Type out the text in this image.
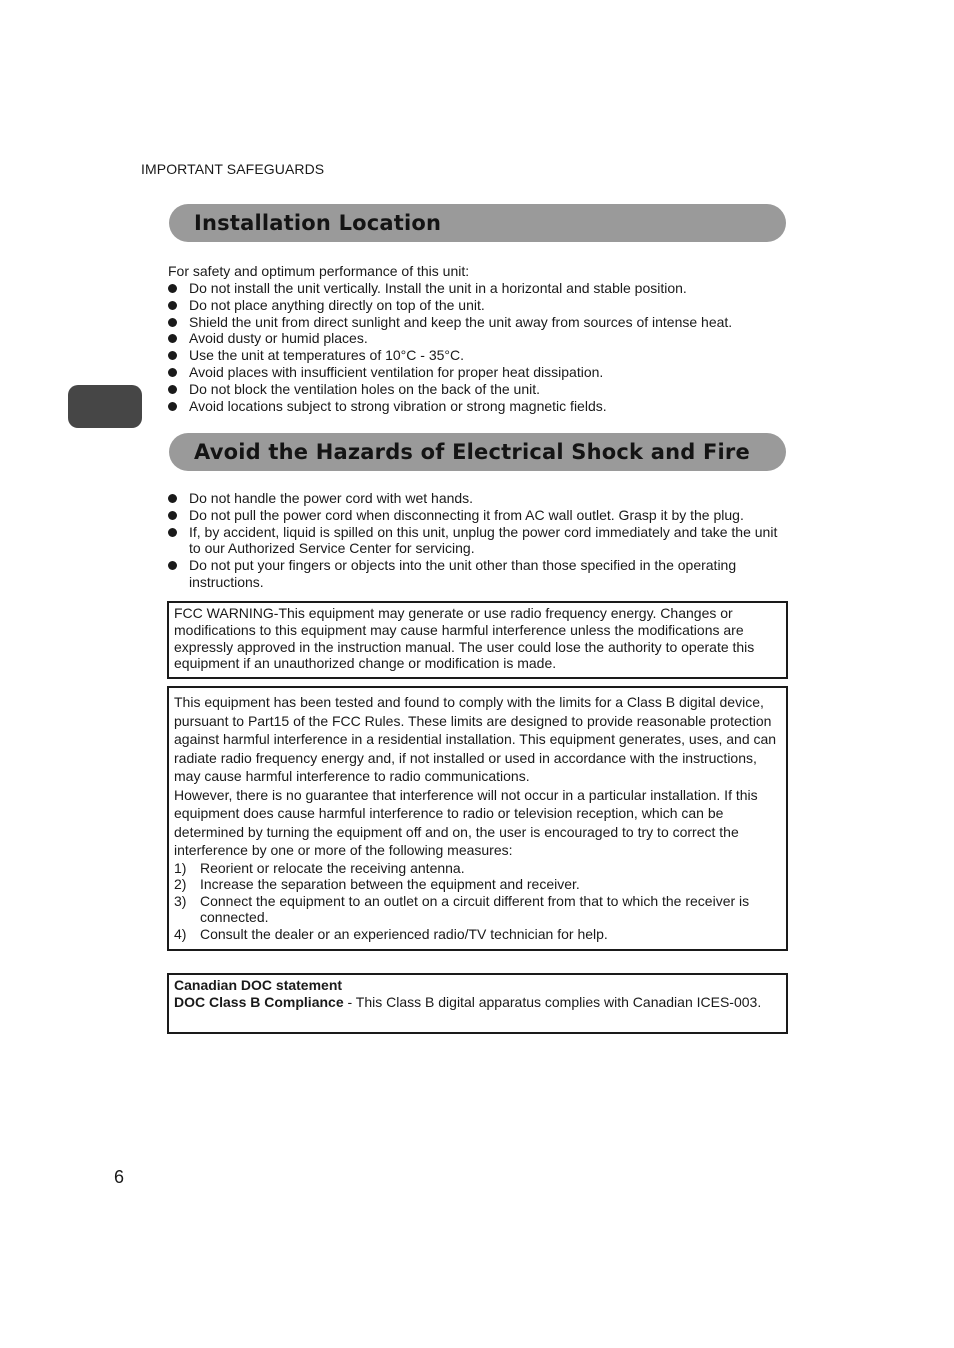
IMPORTANT SAFEGUARDS
Installation Location
For safety and optimum performance of this unit:
Do not install the unit vertically. Install the unit in a horizontal and stable position.
Do not place anything directly on top of the unit.
Shield the unit from direct sunlight and keep the unit away from sources of intense heat.
Avoid dusty or humid places.
Use the unit at temperatures of 10°C - 35°C.
Avoid places with insufficient ventilation for proper heat dissipation.
Do not block the ventilation holes on the back of the unit.
Avoid locations subject to strong vibration or strong magnetic fields.
Avoid the Hazards of Electrical Shock and Fire
Do not handle the power cord with wet hands.
Do not pull the power cord when disconnecting it from AC wall outlet. Grasp it by the plug.
If, by accident, liquid is spilled on this unit, unplug the power cord immediately and take the unit to our Authorized Service Center for servicing.
Do not put your fingers or objects into the unit other than those specified in the operating instructions.
FCC WARNING-This equipment may generate or use radio frequency energy. Changes or modifications to this equipment may cause harmful interference unless the modifications are expressly approved in the instruction manual. The user could lose the authority to operate this equipment if an unauthorized change or modification is made.
This equipment has been tested and found to comply with the limits for a Class B digital device, pursuant to Part15 of the FCC Rules. These limits are designed to provide reasonable protection against harmful interference in a residential installation. This equipment generates, uses, and can radiate radio frequency energy and, if not installed or used in accordance with the instructions, may cause harmful interference to radio communications.
However, there is no guarantee that interference will not occur in a particular installation. If this equipment does cause harmful interference to radio or television reception, which can be determined by turning the equipment off and on, the user is encouraged to try to correct the interference by one or more of the following measures:
1) Reorient or relocate the receiving antenna.
2) Increase the separation between the equipment and receiver.
3) Connect the equipment to an outlet on a circuit different from that to which the receiver is connected.
4) Consult the dealer or an experienced radio/TV technician for help.
Canadian DOC statement
DOC Class B Compliance - This Class B digital apparatus complies with Canadian ICES-003.
6
